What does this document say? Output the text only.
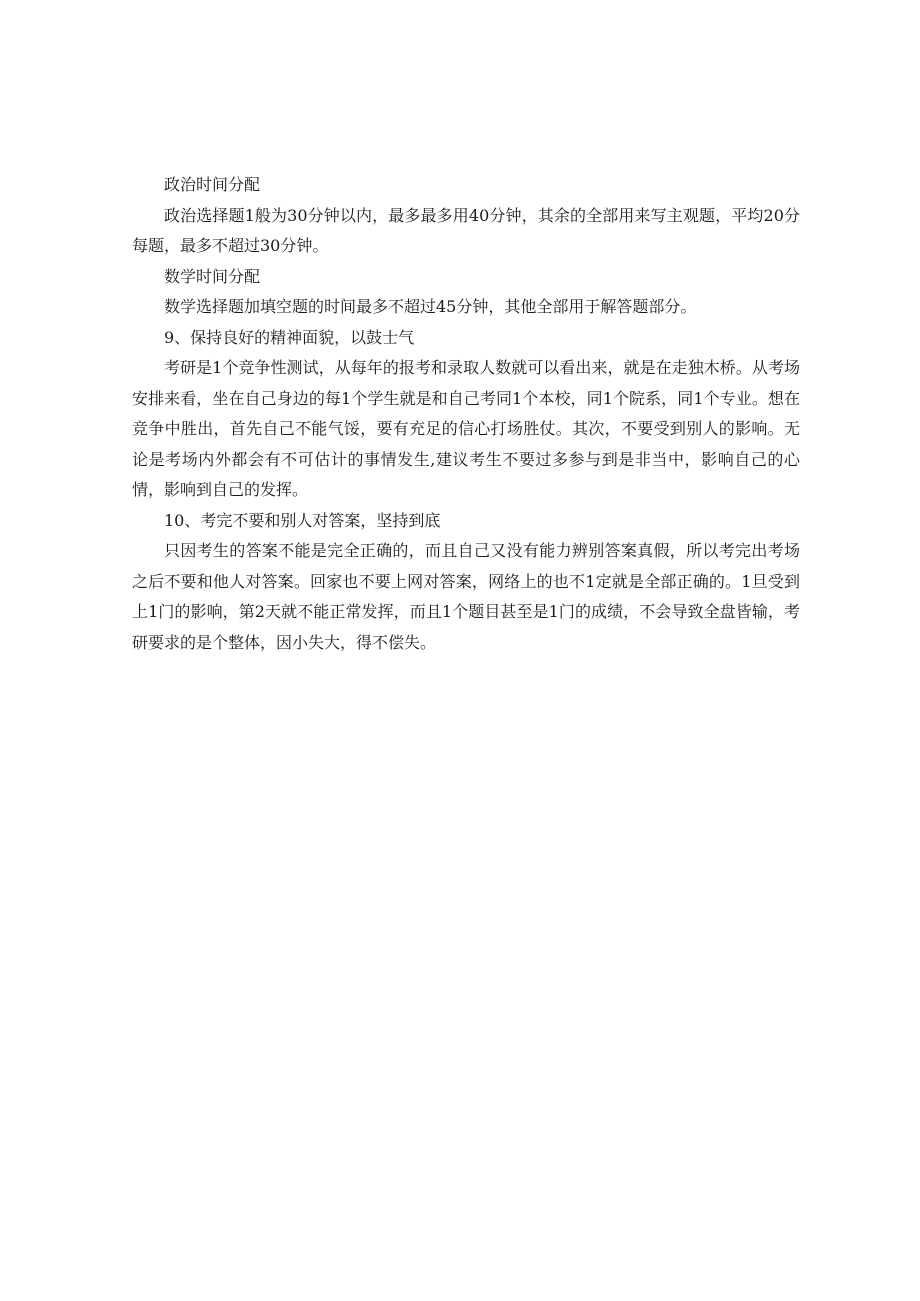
政治时间分配

政治选择题1般为30分钟以内，最多最多用40分钟，其余的全部用来写主观题，平均20分每题，最多不超过30分钟。

数学时间分配

数学选择题加填空题的时间最多不超过45分钟，其他全部用于解答题部分。

9、保持良好的精神面貌，以鼓士气

考研是1个竞争性测试，从每年的报考和录取人数就可以看出来，就是在走独木桥。从考场安排来看，坐在自己身边的每1个学生就是和自己考同1个本校，同1个院系，同1个专业。想在竞争中胜出，首先自己不能气馁，要有充足的信心打场胜仗。其次，不要受到别人的影响。无论是考场内外都会有不可估计的事情发生,建议考生不要过多参与到是非当中，影响自己的心情，影响到自己的发挥。

10、考完不要和别人对答案，坚持到底

只因考生的答案不能是完全正确的，而且自己又没有能力辨别答案真假，所以考完出考场之后不要和他人对答案。回家也不要上网对答案，网络上的也不1定就是全部正确的。1旦受到上1门的影响，第2天就不能正常发挥，而且1个题目甚至是1门的成绩，不会导致全盘皆输，考研要求的是个整体，因小失大，得不偿失。
